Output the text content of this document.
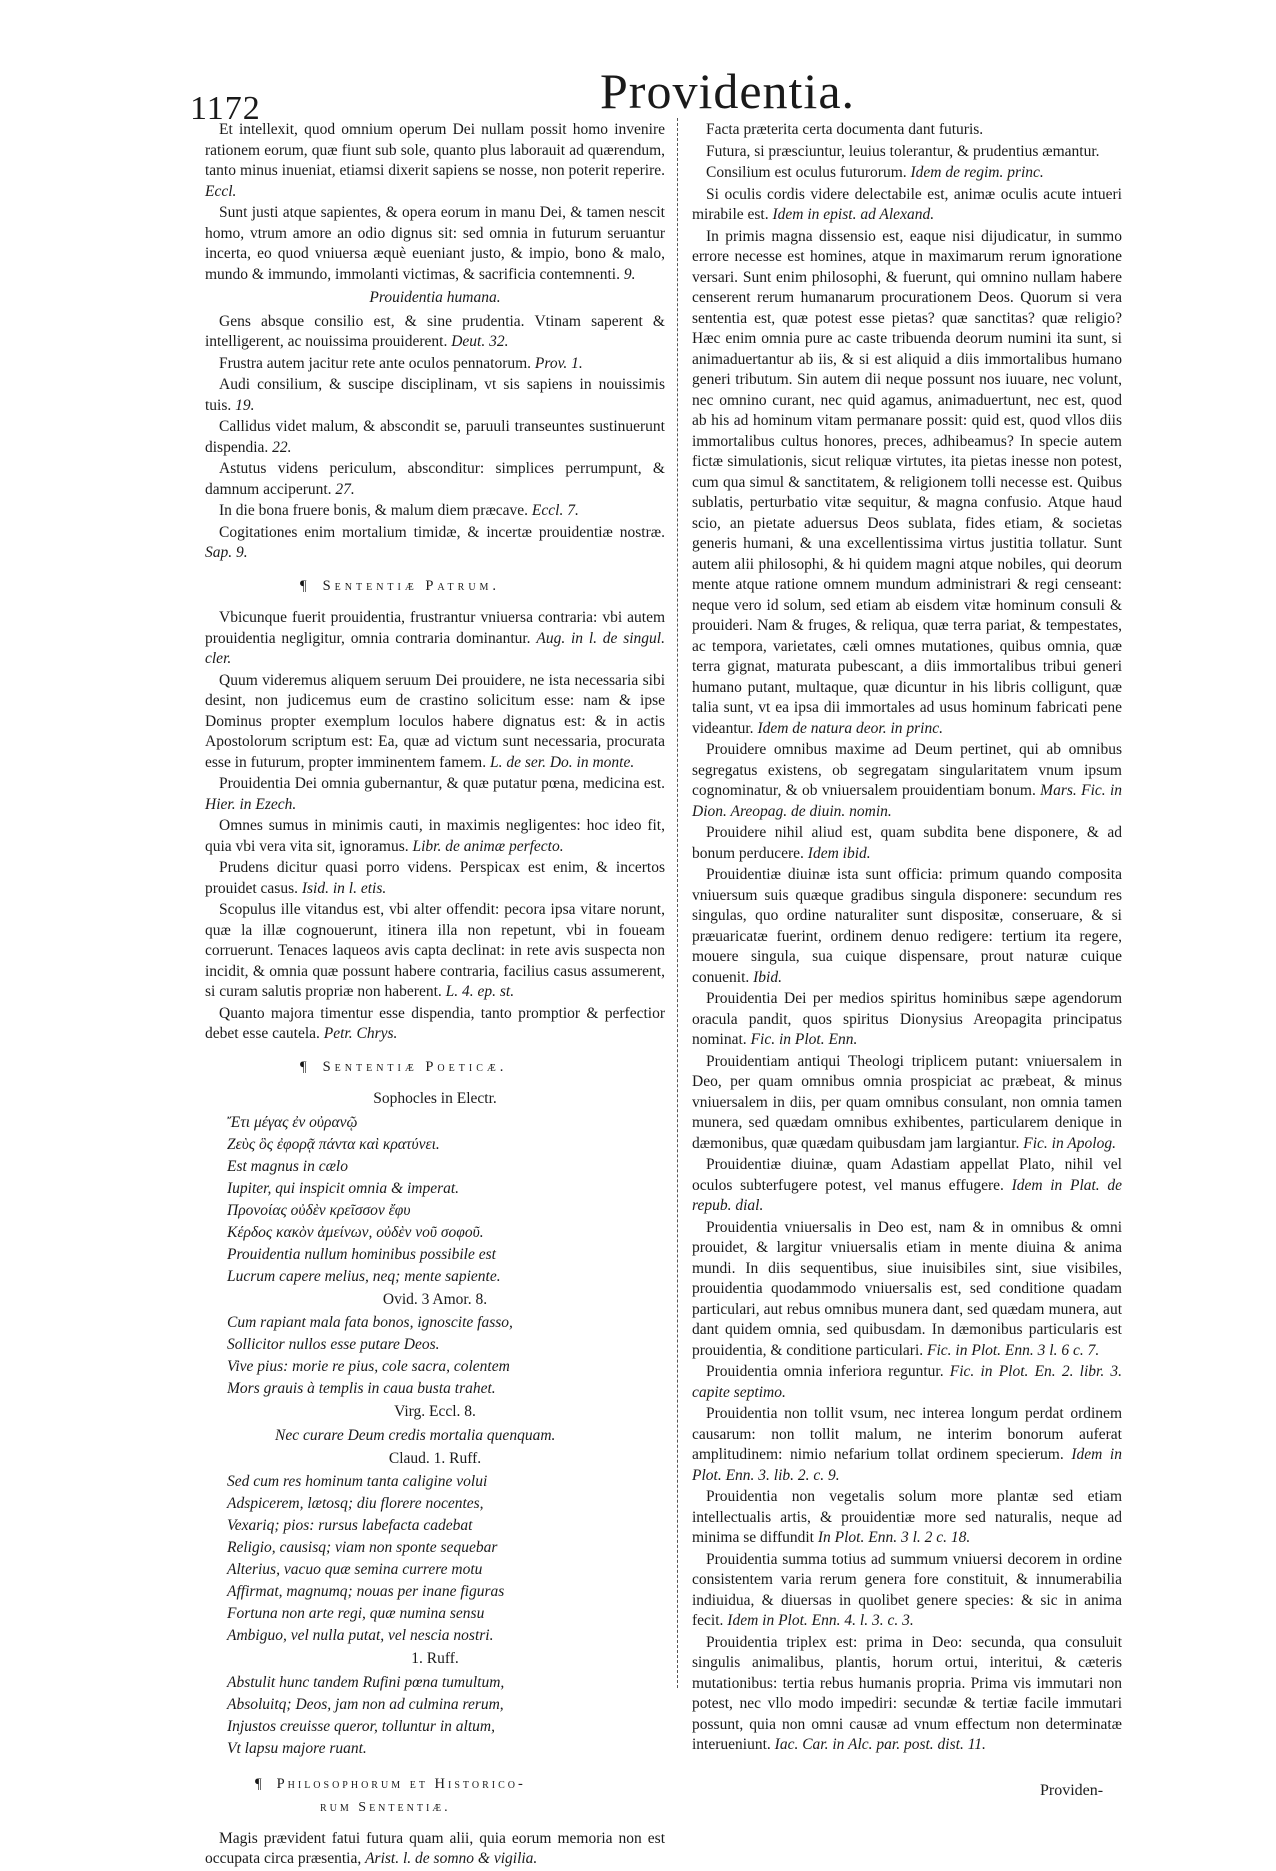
1172	Providentia.

Et intellexit, quod omnium operum Dei nullam possit homo invenire rationem eorum, quæ fiunt sub sole, quanto plus laborauit ad quærendum, tanto minus inueniat, etiamsi dixerit sapiens se nosse, non poterit reperire. Eccl.

Sunt justi atque sapientes, & opera eorum in manu Dei, & tamen nescit homo, vtrum amore an odio dignus sit: sed omnia in futurum seruantur incerta, eo quod vniuersa æquè eueniant justo, & impio, bono & malo, mundo & immundo, immolanti victimas, & sacrificia contemnenti. 9.

Prouidentia humana.

Gens absque consilio est, & sine prudentia. Vtinam saperent & intelligerent, ac nouissima prouiderent. Deut. 32.

Frustra autem jacitur rete ante oculos pennatorum. Prov. 1.

Audi consilium, & suscipe disciplinam, vt sis sapiens in nouissimis tuis. 19.

Callidus videt malum, & abscondit se, paruuli transeuntes sustinuerunt dispendia. 22.

Astutus videns periculum, absconditur: simplices perrumpunt, & damnum acciperunt. 27.

In die bona fruere bonis, & malum diem præcave. Eccl. 7.

Cogitationes enim mortalium timidæ, & incertæ prouidentiæ nostræ. Sap. 9.

¶ Sententiæ Patrum.

Vbicunque fuerit prouidentia, frustrantur vniuersa contraria: vbi autem prouidentia negligitur, omnia contraria dominantur. Aug. in l. de singul. cler.

Quum videremus aliquem seruum Dei prouidere, ne ista necessaria sibi desint, non judicemus eum de crastino solicitum esse: nam & ipse Dominus propter exemplum loculos habere dignatus est: & in actis Apostolorum scriptum est: Ea, quæ ad victum sunt necessaria, procurata esse in futurum, propter imminentem famem. L. de ser. Do. in monte.

Prouidentia Dei omnia gubernantur, & quæ putatur pœna, medicina est. Hier. in Ezech.

Omnes sumus in minimis cauti, in maximis negligentes: hoc ideo fit, quia vbi vera vita sit, ignoramus. Libr. de animæ perfecto.

Prudens dicitur quasi porro videns. Perspicax est enim, & incertos prouidet casus. Isid. in l. etis.

Scopulus ille vitandus est, vbi alter offendit: pecora ipsa vitare norunt, quæ la illæ cognouerunt, itinera illa non repetunt, vbi in foueam corruerunt. Tenaces laqueos avis capta declinat: in rete avis suspecta non incidit, & omnia quæ possunt habere contraria, facilius casus assumerent, si curam salutis propriæ non haberent. L. 4. ep. st.

Quanto majora timentur esse dispendia, tanto promptior & perfectior debet esse cautela. Petr. Chrys.

¶ Sententiæ Poeticæ.
Sophocles in Electr.
Ἔτι μέγας ἐν οὐρανῷ
Ζεὺς ὃς ἐφορᾷ πάντα καὶ κρατύνει.
Est magnus in cælo
Iupiter, qui inspicit omnia & imperat.
Προνοίας οὐδὲν κρεῖσσον ἔφυ
Κέρδος κακὸν ἀμείνων, οὐδὲν νοῦ σοφοῦ.
Prouidentia nullum hominibus possibile est
Lucrum capere melius, neq; mente sapiente.
Ovid. 3 Amor. 8.
Cum rapiant mala fata bonos, ignoscite fasso,
Sollicitor nullos esse putare Deos.
Vive pius: morie re pius, cole sacra, colentem
Mors grauis à templis in caua busta trahet.
Virg. Eccl. 8.
Nec curare Deum credis mortalia quenquam.
Claud. 1. Ruff.
Sed cum res hominum tanta caligine volui
Adspicerem, lætosq; diu florere nocentes,
Vexariq; pios: rursus labefacta cadebat
Religio, causisq; viam non sponte sequebar
Alterius, vacuo quæ semina currere motu
Affirmat, magnumq; nouas per inane figuras
Fortuna non arte regi, quæ numina sensu
Ambiguo, vel nulla putat, vel nescia nostri.
1. Ruff.
Abstulit hunc tandem Rufini pœna tumultum,
Absoluitq; Deos, jam non ad culmina rerum,
Injustos creuisse queror, tolluntur in altum,
Vt lapsu majore ruant.
¶ Philosophorum et Historico-
rum Sententiæ.

Magis prævident fatui futura quam alii, quia eorum memoria non est occupata circa præsentia, Arist. l. de somno & vigilia.

Facta præterita certa documenta dant futuris.

Futura, si præsciuntur, leuius tolerantur, & prudentius æmantur.

Consilium est oculus futurorum. Idem de regim. princ.

Si oculis cordis videre delectabile est, animæ oculis acute intueri mirabile est. Idem in epist. ad Alexand.

In primis magna dissensio est, eaque nisi dijudicatur, in summo errore necesse est homines, atque in maximarum rerum ignoratione versari. Sunt enim philosophi, & fuerunt, qui omnino nullam habere censerent rerum humanarum procurationem Deos. Quorum si vera sententia est, quæ potest esse pietas? quæ sanctitas? quæ religio? Hæc enim omnia pure ac caste tribuenda deorum numini ita sunt, si animaduertantur ab iis, & si est aliquid a diis immortalibus humano generi tributum. Sin autem dii neque possunt nos iuuare, nec volunt, nec omnino curant, nec quid agamus, animaduertunt, nec est, quod ab his ad hominum vitam permanare possit: quid est, quod vllos diis immortalibus cultus honores, preces, adhibeamus? In specie autem fictæ simulationis, sicut reliquæ virtutes, ita pietas inesse non potest, cum qua simul & sanctitatem, & religionem tolli necesse est. Quibus sublatis, perturbatio vitæ sequitur, & magna confusio. Atque haud scio, an pietate aduersus Deos sublata, fides etiam, & societas generis humani, & una excellentissima virtus justitia tollatur. Sunt autem alii philosophi, & hi quidem magni atque nobiles, qui deorum mente atque ratione omnem mundum administrari & regi censeant: neque vero id solum, sed etiam ab eisdem vitæ hominum consuli & prouideri. Nam & fruges, & reliqua, quæ terra pariat, & tempestates, ac tempora, varietates, cæli omnes mutationes, quibus omnia, quæ terra gignat, maturata pubescant, a diis immortalibus tribui generi humano putant, multaque, quæ dicuntur in his libris colligunt, quæ talia sunt, vt ea ipsa dii immortales ad usus hominum fabricati pene videantur. Idem de natura deor. in princ.

Prouidere omnibus maxime ad Deum pertinet, qui ab omnibus segregatus existens, ob segregatam singularitatem vnum ipsum cognominatur, & ob vniuersalem prouidentiam bonum. Mars. Fic. in Dion. Areopag. de diuin. nomin.

Prouidere nihil aliud est, quam subdita bene disponere, & ad bonum perducere. Idem ibid.

Prouidentiæ diuinæ ista sunt officia: primum quando composita vniuersum suis quæque gradibus singula disponere: secundum res singulas, quo ordine naturaliter sunt dispositæ, conseruare, & si præuaricatæ fuerint, ordinem denuo redigere: tertium ita regere, mouere singula, sua cuique dispensare, prout naturæ cuique conuenit. Ibid.

Prouidentia Dei per medios spiritus hominibus sæpe agendorum oracula pandit, quos spiritus Dionysius Areopagita principatus nominat. Fic. in Plot. Enn.

Prouidentiam antiqui Theologi triplicem putant: vniuersalem in Deo, per quam omnibus omnia prospiciat ac præbeat, & minus vniuersalem in diis, per quam omnibus consulant, non omnia tamen munera, sed quædam omnibus exhibentes, particularem denique in dæmonibus, quæ quædam quibusdam jam largiantur. Fic. in Apolog.

Prouidentiæ diuinæ, quam Adastiam appellat Plato, nihil vel oculos subterfugere potest, vel manus effugere. Idem in Plat. de repub. dial.

Prouidentia vniuersalis in Deo est, nam & in omnibus & omni prouidet, & largitur vniuersalis etiam in mente diuina & anima mundi. In diis sequentibus, siue inuisibiles sint, siue visibiles, prouidentia quodammodo vniuersalis est, sed conditione quadam particulari, aut rebus omnibus munera dant, sed quædam munera, aut dant quidem omnia, sed quibusdam. In dæmonibus particularis est prouidentia, & conditione particulari. Fic. in Plot. Enn. 3 l. 6 c. 7.

Prouidentia omnia inferiora reguntur. Fic. in Plot. En. 2. libr. 3. capite septimo.

Prouidentia non tollit vsum, nec interea longum perdat ordinem causarum: non tollit malum, ne interim bonorum auferat amplitudinem: nimio nefarium tollat ordinem specierum. Idem in Plot. Enn. 3. lib. 2. c. 9.

Prouidentia non vegetalis solum more plantæ sed etiam intellectualis artis, & prouidentiæ more sed naturalis, neque ad minima se diffundit In Plot. Enn. 3 l. 2 c. 18.

Prouidentia summa totius ad summum vniuersi decorem in ordine consistentem varia rerum genera fore constituit, & innumerabilia indiuidua, & diuersas in quolibet genere species: & sic in anima fecit. Idem in Plot. Enn. 4. l. 3. c. 3.

Prouidentia triplex est: prima in Deo: secunda, qua consuluit singulis animalibus, plantis, horum ortui, interitui, & cæteris mutationibus: tertia rebus humanis propria. Prima vis immutari non potest, nec vllo modo impediri: secundæ & tertiæ facile immutari possunt, quia non omni causæ ad vnum effectum non determinatæ interueniunt. Iac. Car. in Alc. par. post. dist. 11.

Providen-
